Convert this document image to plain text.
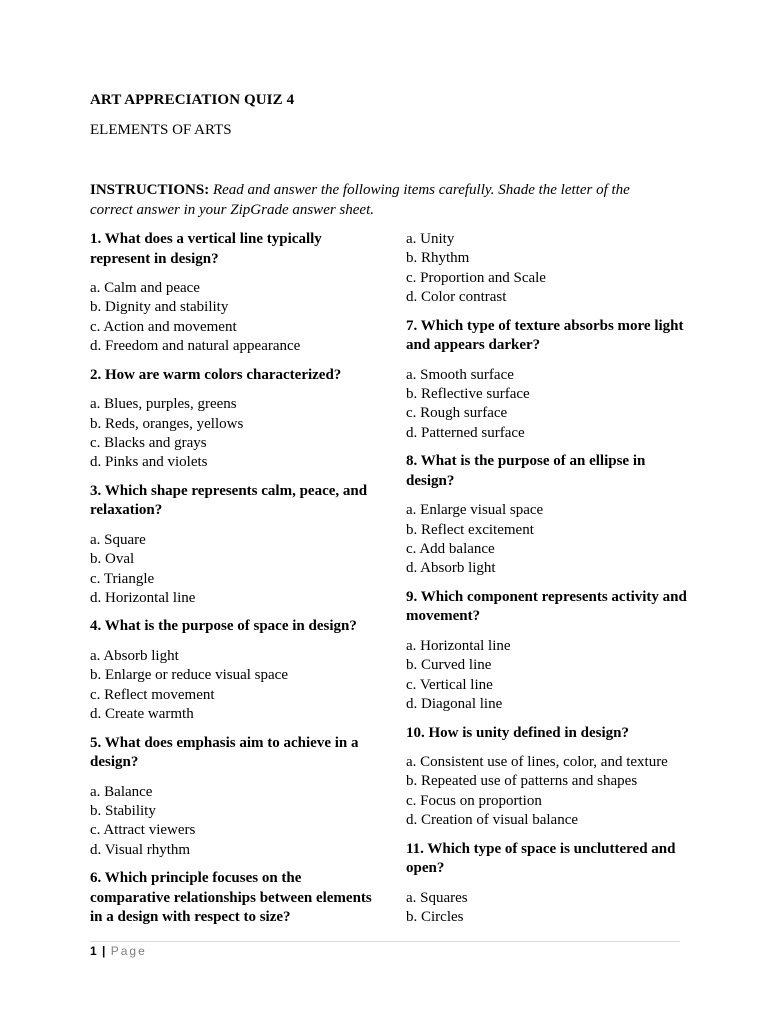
ART APPRECIATION QUIZ 4
ELEMENTS OF ARTS
INSTRUCTIONS: Read and answer the following items carefully. Shade the letter of the correct answer in your ZipGrade answer sheet.
1. What does a vertical line typically represent in design?
a. Calm and peace
b. Dignity and stability
c. Action and movement
d. Freedom and natural appearance
2. How are warm colors characterized?
a. Blues, purples, greens
b. Reds, oranges, yellows
c. Blacks and grays
d. Pinks and violets
3. Which shape represents calm, peace, and relaxation?
a. Square
b. Oval
c. Triangle
d. Horizontal line
4. What is the purpose of space in design?
a. Absorb light
b. Enlarge or reduce visual space
c. Reflect movement
d. Create warmth
5. What does emphasis aim to achieve in a design?
a. Balance
b. Stability
c. Attract viewers
d. Visual rhythm
6. Which principle focuses on the comparative relationships between elements in a design with respect to size?
a. Unity
b. Rhythm
c. Proportion and Scale
d. Color contrast
7. Which type of texture absorbs more light and appears darker?
a. Smooth surface
b. Reflective surface
c. Rough surface
d. Patterned surface
8. What is the purpose of an ellipse in design?
a. Enlarge visual space
b. Reflect excitement
c. Add balance
d. Absorb light
9. Which component represents activity and movement?
a. Horizontal line
b. Curved line
c. Vertical line
d. Diagonal line
10. How is unity defined in design?
a. Consistent use of lines, color, and texture
b. Repeated use of patterns and shapes
c. Focus on proportion
d. Creation of visual balance
11. Which type of space is uncluttered and open?
a. Squares
b. Circles
1 | Page
